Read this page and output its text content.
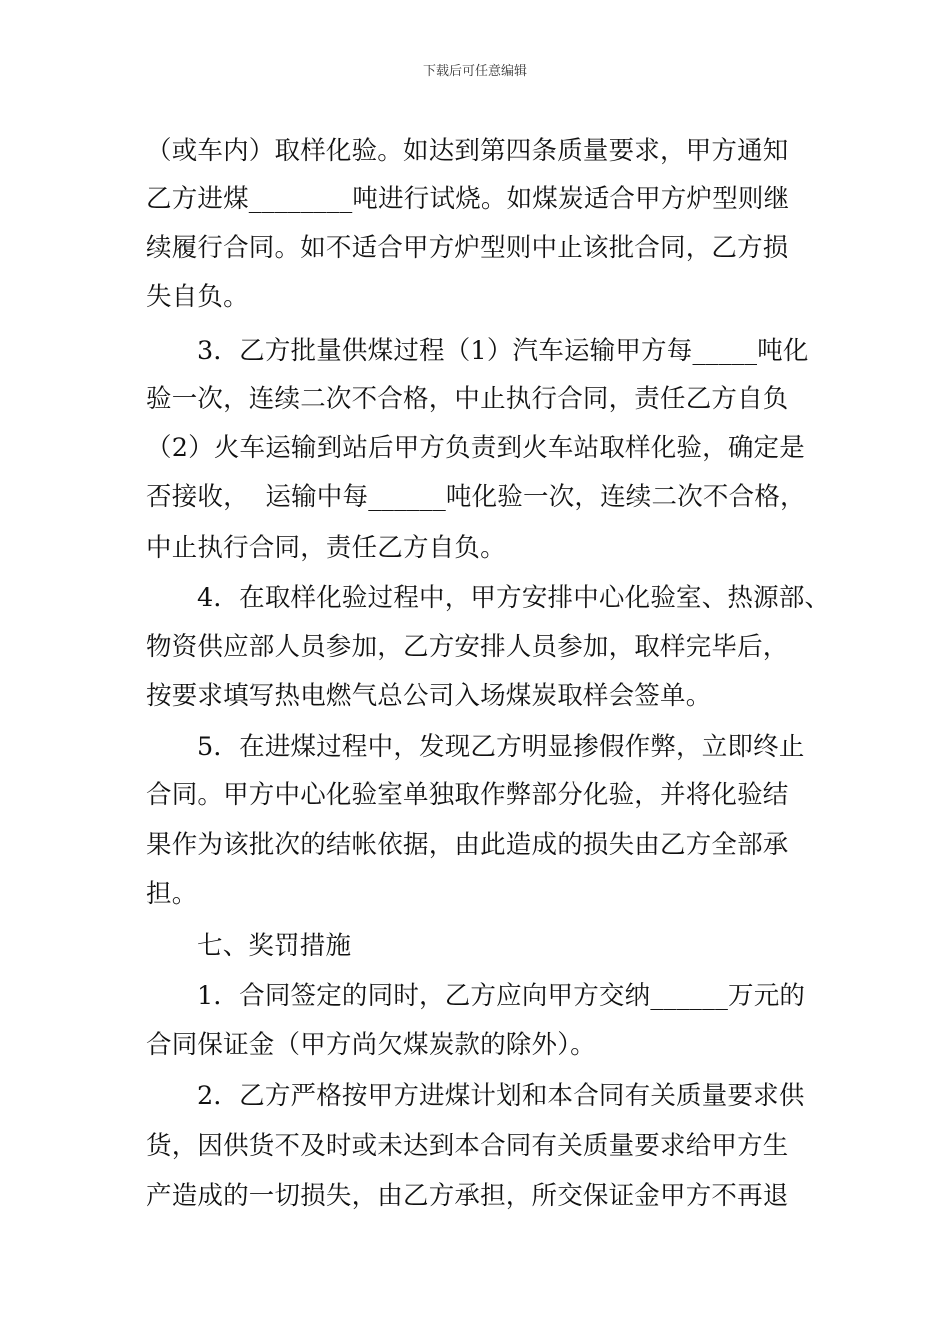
下载后可任意编辑
（或车内）取样化验。如达到第四条质量要求，甲方通知
乙方进煤________吨进行试烧。如煤炭适合甲方炉型则继
续履行合同。如不适合甲方炉型则中止该批合同，乙方损
失自负。
3．乙方批量供煤过程（1）汽车运输甲方每_____吨化
验一次，连续二次不合格，中止执行合同，责任乙方自负
（2）火车运输到站后甲方负责到火车站取样化验，确定是
否接收，  运输中每______吨化验一次，连续二次不合格，
中止执行合同，责任乙方自负。
4．在取样化验过程中，甲方安排中心化验室、热源部、
物资供应部人员参加，乙方安排人员参加，取样完毕后，
按要求填写热电燃气总公司入场煤炭取样会签单。
5．在进煤过程中，发现乙方明显掺假作弊，立即终止
合同。甲方中心化验室单独取作弊部分化验，并将化验结
果作为该批次的结帐依据，由此造成的损失由乙方全部承
担。
七、奖罚措施
1．合同签定的同时，乙方应向甲方交纳______万元的
合同保证金（甲方尚欠煤炭款的除外）。
2．乙方严格按甲方进煤计划和本合同有关质量要求供
货，因供货不及时或未达到本合同有关质量要求给甲方生
产造成的一切损失，由乙方承担，所交保证金甲方不再退
